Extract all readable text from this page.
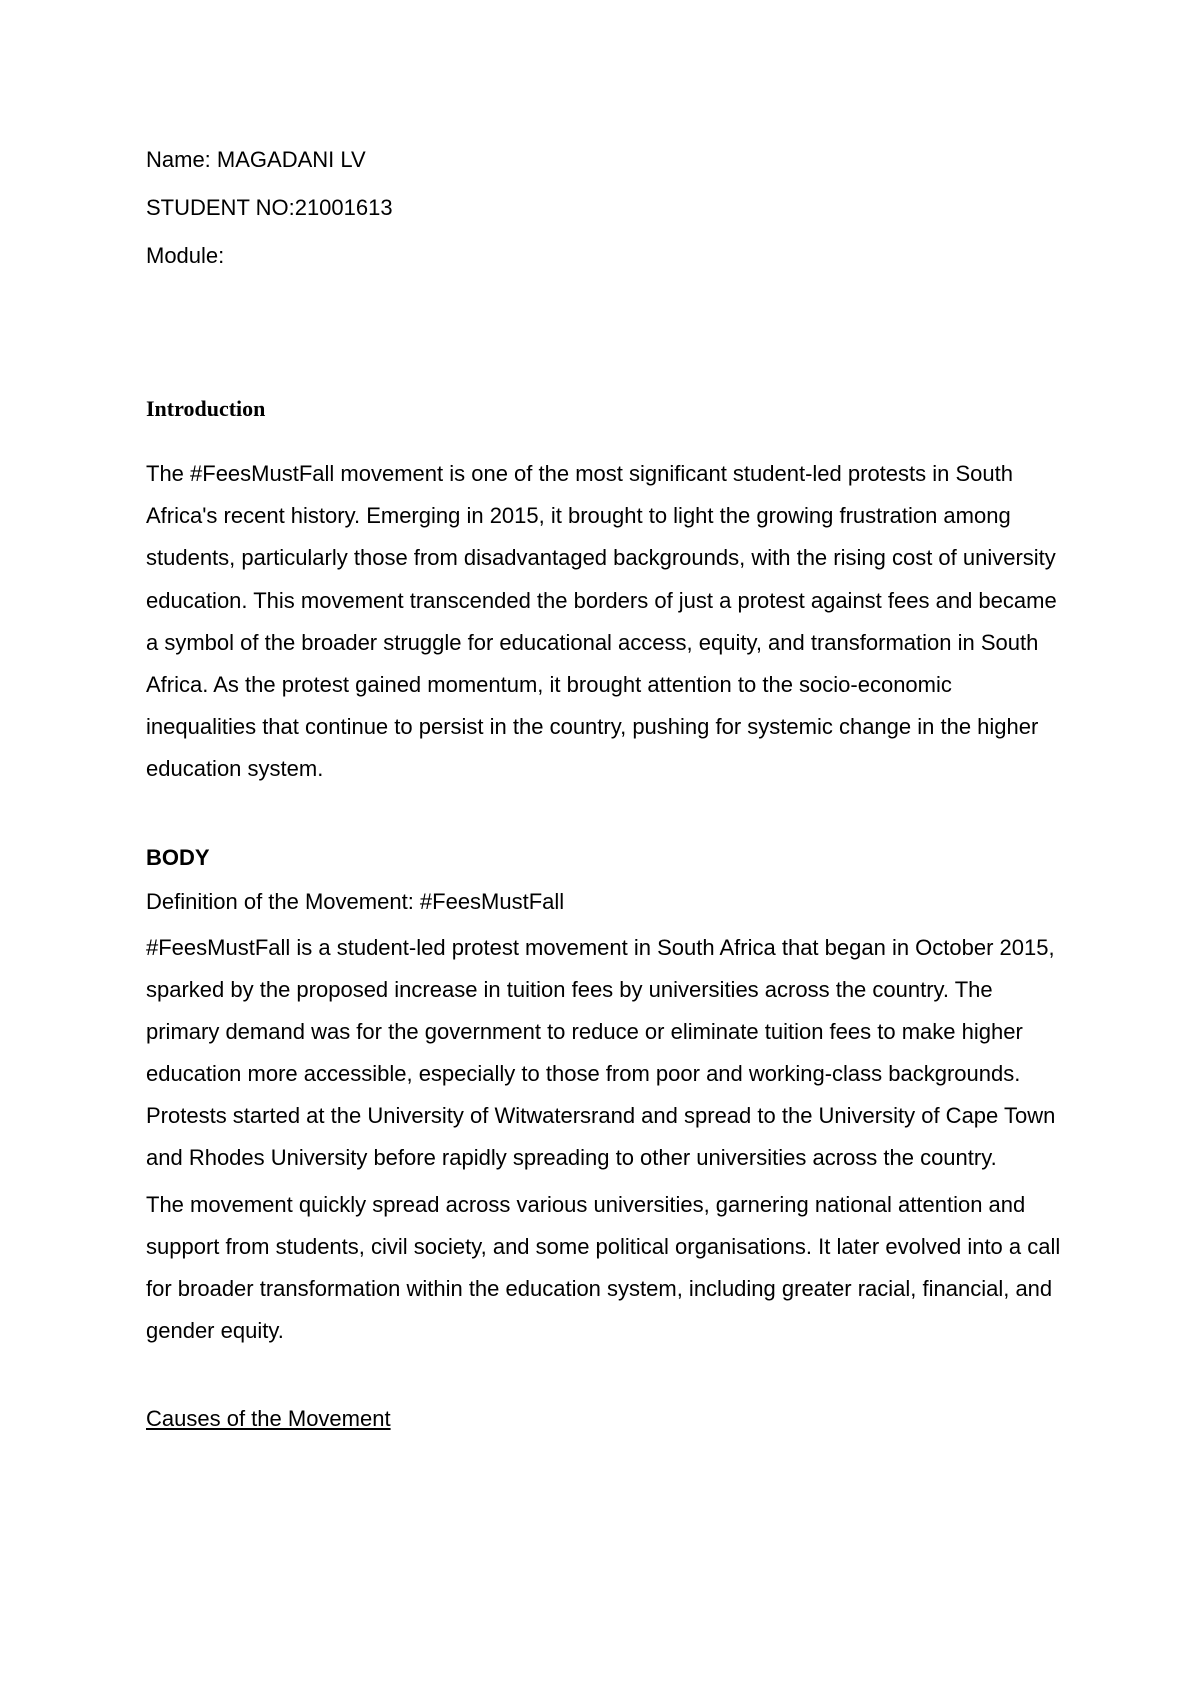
Name: MAGADANI LV

STUDENT NO:21001613

Module:

Introduction

The #FeesMustFall movement is one of the most significant student-led protests in South Africa's recent history. Emerging in 2015, it brought to light the growing frustration among students, particularly those from disadvantaged backgrounds, with the rising cost of university education. This movement transcended the borders of just a protest against fees and became a symbol of the broader struggle for educational access, equity, and transformation in South Africa. As the protest gained momentum, it brought attention to the socio-economic inequalities that continue to persist in the country, pushing for systemic change in the higher education system.

BODY

Definition of the Movement: #FeesMustFall

#FeesMustFall is a student-led protest movement in South Africa that began in October 2015, sparked by the proposed increase in tuition fees by universities across the country. The primary demand was for the government to reduce or eliminate tuition fees to make higher education more accessible, especially to those from poor and working-class backgrounds. Protests started at the University of Witwatersrand and spread to the University of Cape Town and Rhodes University before rapidly spreading to other universities across the country.

The movement quickly spread across various universities, garnering national attention and support from students, civil society, and some political organisations. It later evolved into a call for broader transformation within the education system, including greater racial, financial, and gender equity.

Causes of the Movement
